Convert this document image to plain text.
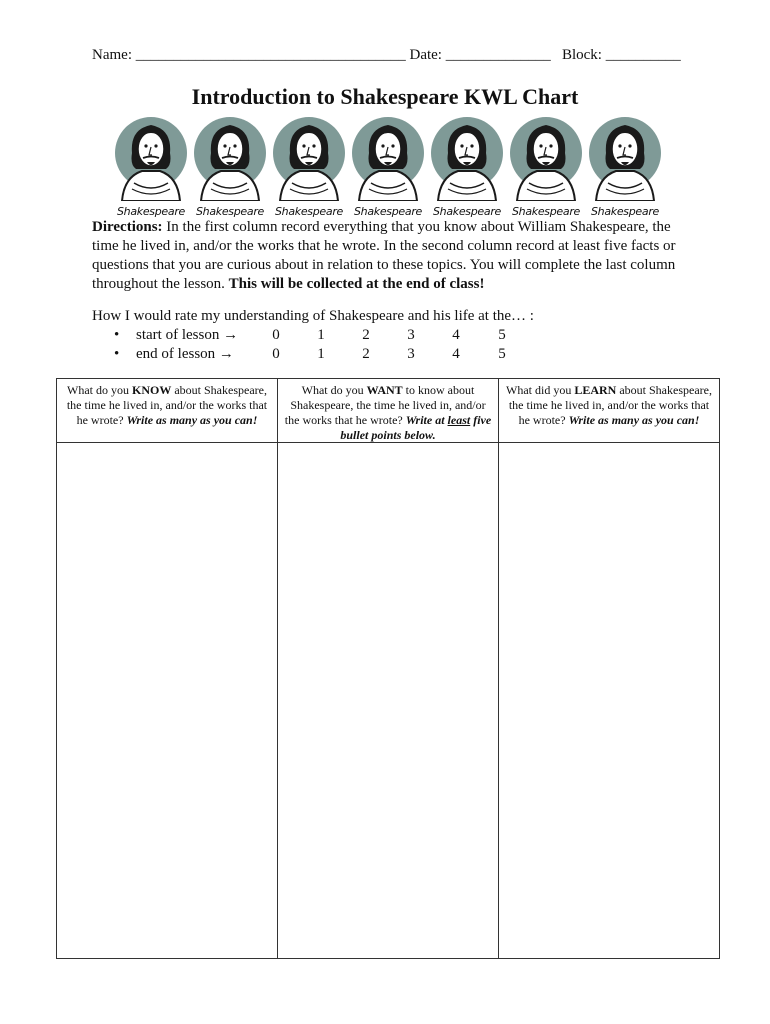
Name: ____________________________________ Date: ______________ Block: __________
Introduction to Shakespeare KWL Chart
Shakespeare Shakespeare Shakespeare Shakespeare Shakespeare Shakespeare Shakespeare
Directions: In the first column record everything that you know about William Shakespeare, the time he lived in, and/or the works that he wrote. In the second column record at least five facts or questions that you are curious about in relation to these topics. You will complete the last column throughout the lesson. This will be collected at the end of class!
How I would rate my understanding of Shakespeare and his life at the… :
• start of lesson →	0	1	2	3	4	5
• end of lesson →	0	1	2	3	4	5
What do you KNOW about Shakespeare, the time he lived in, and/or the works that he wrote? Write as many as you can!
What do you WANT to know about Shakespeare, the time he lived in, and/or the works that he wrote? Write at least five bullet points below.
What did you LEARN about Shakespeare, the time he lived in, and/or the works that he wrote? Write as many as you can!
